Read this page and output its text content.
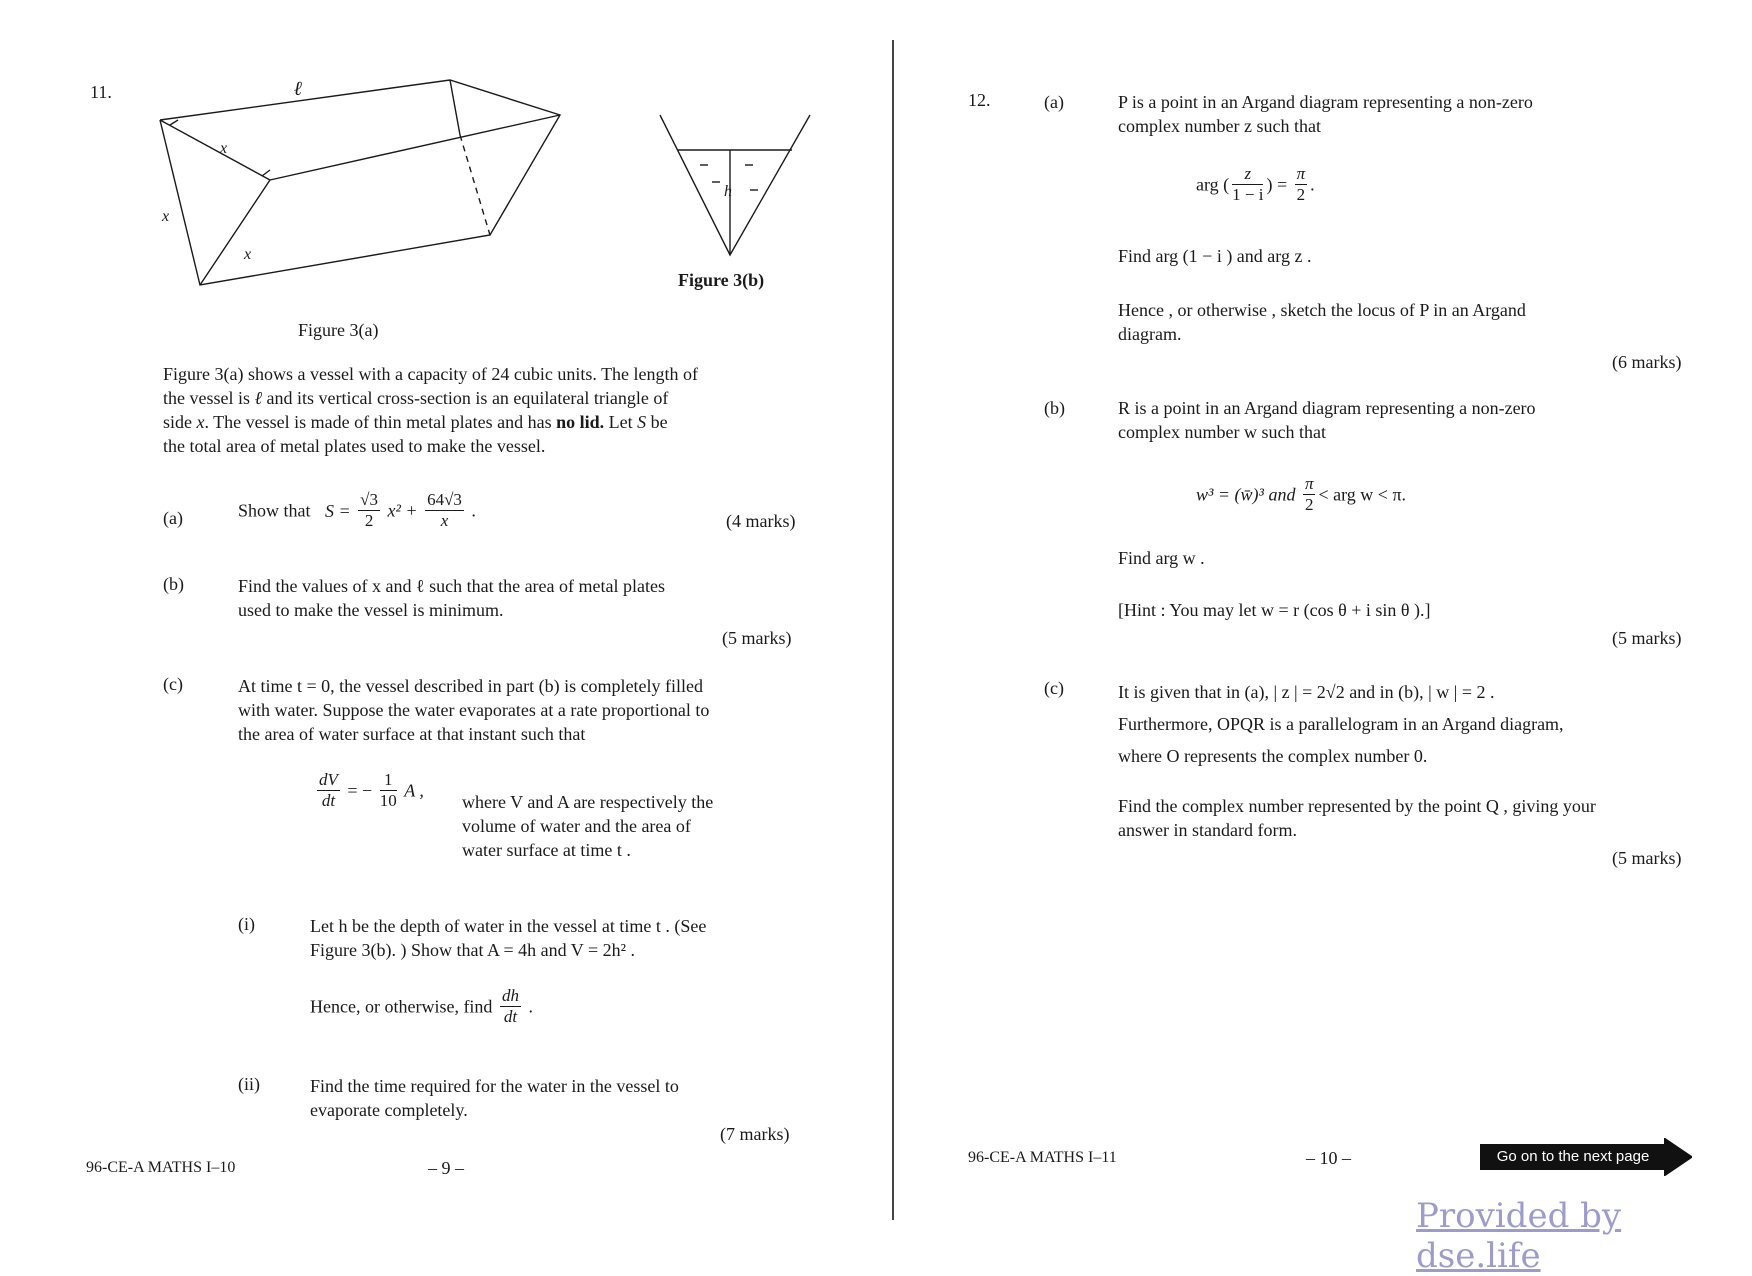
11.	ℓ
x
x
x
Figure 3(a)
h
Figure 3(b)
Figure 3(a) shows a vessel with a capacity of 24 cubic units. The length of
the vessel is ℓ and its vertical cross-section is an equilateral triangle of
side x. The vessel is made of thin metal plates and has no lid. Let S be
the total area of metal plates used to make the vessel.
(a)	Show that $S = \frac{√3}{2} x^2 + \frac{64√3}{x}$ .
(4 marks)
(b)	Find the values of x and ℓ such that the area of metal plates
used to make the vessel is minimum.
(5 marks)
(c)	At time t = 0, the vessel described in part (b) is completely filled
with water. Suppose the water evaporates at a rate proportional to
the area of water surface at that instant such that
$\frac{dV}{dt}$ = − $\frac{1}{10}$ A ,
where V and A are respectively the
volume of water and the area of
water surface at time t .
(i)	Let h be the depth of water in the vessel at time t . (See
Figure 3(b). ) Show that A = 4h and V = 2h² .
Hence, or otherwise, find $\frac{dh}{dt}$ .
(ii)	Find the time required for the water in the vessel to
evaporate completely.
(7 marks)
96-CE-A MATHS I–10	– 9 –
12.	(a)	P is a point in an Argand diagram representing a non-zero
complex number z such that
arg ( $\frac{z}{1 - i}$ ) = $\frac{\pi}{2}$ .
Find arg (1 − i ) and arg z .
Hence , or otherwise , sketch the locus of P in an Argand
diagram.
(6 marks)
(b)	R is a point in an Argand diagram representing a non-zero
complex number w such that
w³ = (w̄)³ and $\frac{\pi}{2}$ < arg w < π.
Find arg w .
[Hint : You may let w = r (cos θ + i sin θ ).]
(5 marks)
(c)	It is given that in (a), | z | = 2√2 and in (b), | w | = 2 .
Furthermore, OPQR is a parallelogram in an Argand diagram,
where O represents the complex number 0.
Find the complex number represented by the point Q , giving your
answer in standard form.
(5 marks)
96-CE-A MATHS I–11	– 10 –	Go on to the next page
Provided by dse.life
